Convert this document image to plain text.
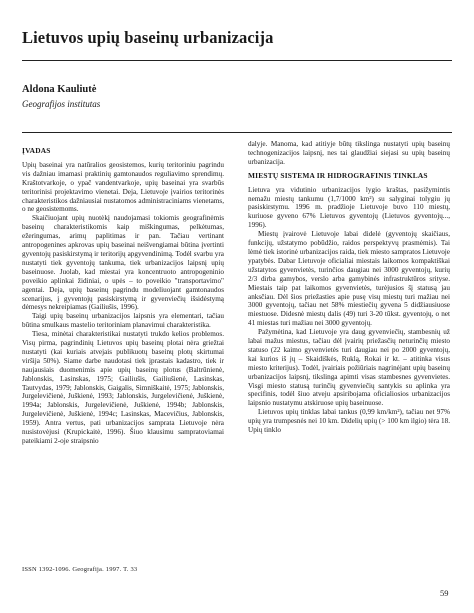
Lietuvos upių baseinų urbanizacija
Aldona Kauliutė
Geografijos institutas
ĮVADAS

Upių baseinai yra natūralios geosistemos, kurių teritoriniu pagrindu vis dažniau imamasi praktinių gamtonaudos reguliavimo sprendimų. Kraštotvarkoje, o ypač vandentvarkoje, upių baseinai yra svarbūs teritorinisi projektavimo vienetai. Deja, Lietuvoje įvairios teritorinės charakteristikos dažniausiai nustatomos administraciniams vienetams, o ne geosistemoms.

Skaičiuojant upių nuotėkį naudojamasi tokiomis geografinėmis baseinų charakteristikomis kaip miškingumas, pelkėtumas, ežeringumas, arimų paplitimas ir pan. Tačiau vertinant antropogenines apkrovas upių baseinai neišvengiamai būtina įvertinti gyventojų pasiskirstymą ir teritorijų apgyvendinimą. Todėl svarbu yra nustatyti tiek gyventojų tankuma, tiek urbanizacijos laipsnį upių baseinuose. Juolab, kad miestai yra koncentruoto antropogeninio poveikio aplinkai židiniai, o upės – to poveikio "transportavimo" agentai. Deja, upių baseinų pagrindu modeliuojant gamtonaudos scenarijus, į gyventojų pasiskirstymą ir gyvenviečių išsidėstymą dėmesys nekreipiamas (Gailiušis, 1996).

Taigi upių baseinų urbanizacijos laipsnis yra elementari, tačiau būtina smulkaus mastelio teritoriniam planavimui charakteristika.

Tiesa, minėtai charakteristikai nustatyti trukdo kelios problemos. Visų pirma, pagrindinių Lietuvos upių baseinų plotai nėra griežtai nustatyti (kai kuriais atvejais publikuotų baseinų plotų skirtumai viršija 50%). Siame darbe naudotasi tiek įprastais kadastro, tiek ir naujausiais duomenimis apie upių baseinų plotus (Baltrūnienė, Jablonskis, Lasinskas, 1975; Gailiušis, Gailiušienė, Lasinskas, Tautvydas, 1979; Jablonskis, Gaigalis, Simniškaitė, 1975; Jablonskis, Jurgelevičienė, Juškienė, 1993; Jablonskis, Jurgelevičienė, Juškienė, 1994a; Jablonskis, Jurgelevičienė, Juškienė, 1994b; Jablonskis, Jurgelevičienė, Juškienė, 1994c; Lasinskas, Macevičius, Jablonskis, 1959). Antra vertus, pati urbanizacijos samprata Lietuvoje nėra nusistovėjusi (Krupickaitė, 1996). Šiuo klausimu sampratoviamai pateikiami 2-oje straipsnio

dalyje. Manoma, kad atitiyje būtų tikslinga nustatyti upių baseinų technogenizacijos laipsnį, nes tai glaudžiai siejasi su upių baseinų urbanizacija.

MIESTŲ SISTEMA IR HIDROGRAFINIS TINKLAS

Lietuva yra vidutinio urbanizacijos lygio kraštas, pasižymintis nemažu miestų tankumu (1,7/1000 km²) su salyginai tolygiu jų pasiskirstymu. 1996 m. pradžioje Lietuvoje buvo 110 miestų, kuriuose gyveno 67% Lietuvos gyventojų (Lietuvos gyventojų..., 1996).

Miestų įvairovė Lietuvoje labai didelė (gyventojų skaičiaus, funkcijų, užstatymo pobūdžio, raidos perspektyvų prasmėmis). Tai lėmė tiek istorinė urbanizacijos raida, tiek miesto sampratos Lietuvoje ypatybės. Dabar Lietuvoje oficialiai miestais laikomos kompaktiškai užstatytos gyvenvietės, turinčios daugiau nei 3000 gyventojų, kurių 2/3 dirba gamybos, verslo arba gamybinės infrastruktūros srityse. Miestais taip pat laikomos gyvenvietės, turėjusios šį statusą jau anksčiau. Dėl šios priežasties apie pusę visų miestų turi mažiau nei 3000 gyventojų, tačiau net 58% miestiečių gyvena 5 didžiausiuose miestuose. Didesnė miestų dalis (49) turi 3-20 tūkst. gyventojų, o net 41 miestas turi mažiau nei 3000 gyventojų.

Pažymėtina, kad Lietuvoje yra daug gyvenviečių, stambesnių už labai mažus miestus, tačiau dėl įvairių priežasčių neturinčių miesto statuso (22 kaimo gyvenvietės turi daugiau nei po 2000 gyventojų, kai kurios iš jų – Skaidiškės, Ruklą, Rokai ir kt. – atitinka visus miesto kriterijus). Todėl, įvairiais požiūriais nagrinėjant upių baseinų urbanizacijos laipsnį, tikslinga apimti visas stambesnes gyvenvietes. Visgi miesto statusą turinčių gyvenviečių santykis su aplinka yra specifinis, todėl šiuo atveju apsiribojama oficialiosios urbanizacijos laipsnio nustatymu atskiruose upių baseinuose.

Lietuvos upių tinklas labai tankus (0,99 km/km²), tačiau net 97% upių yra trumpesnės nei 10 km. Didelių upių (> 100 km ilgio) tėra 18. Upių tinklo

ISSN 1392-1096. Geografija. 1997. T. 33
59
